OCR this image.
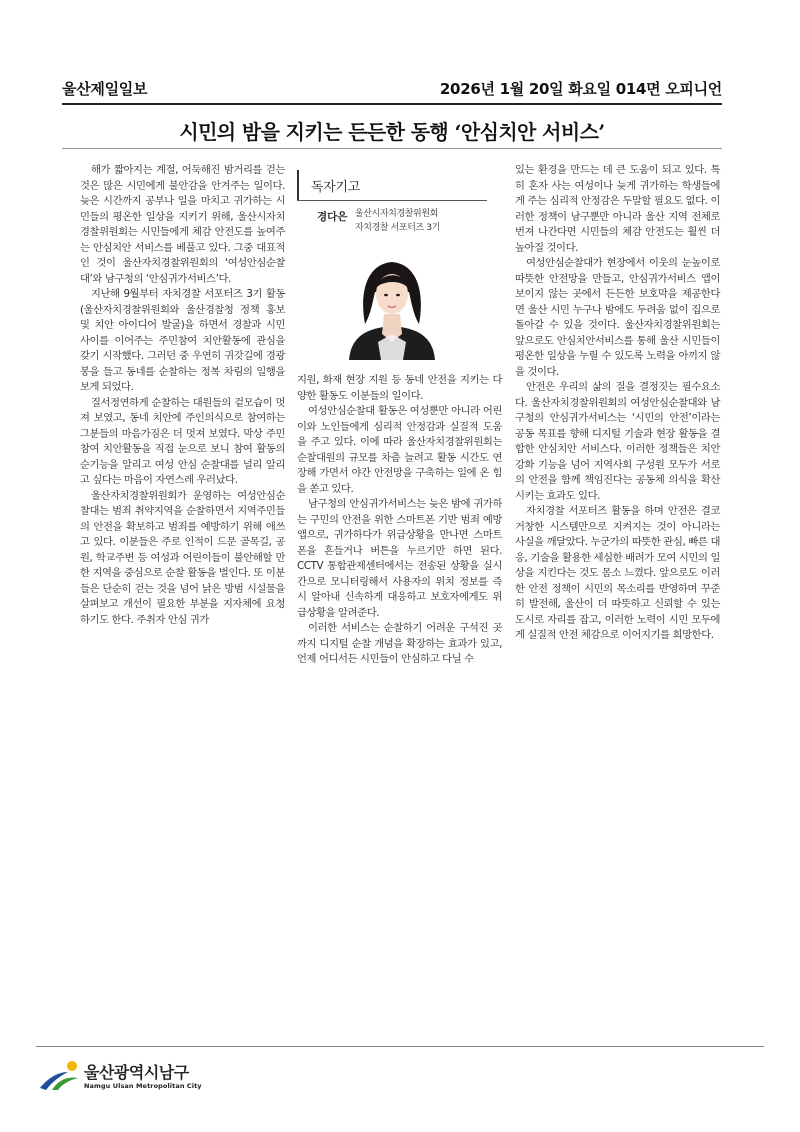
울산제일일보	2026년 1월 20일 화요일 014면 오피니언
시민의 밤을 지키는 든든한 동행 ‘안심치안 서비스’

해가 짧아지는 계절, 어둑해진 밤거리를 걷는 것은 많은 시민에게 불안감을 안겨주는 일이다. 늦은 시간까지 공부나 일을 마치고 귀가하는 시민들의 평온한 일상을 지키기 위해, 울산시자치경찰위원회는 시민들에게 체감 안전도를 높여주는 안심치안 서비스를 베풀고 있다. 그중 대표적인 것이 울산자치경찰위원회의 ‘여성안심순찰대’와 남구청의 ‘안심귀가서비스’다.

지난해 9월부터 자치경찰 서포터즈 3기 활동(울산자치경찰위원회와 울산경찰청 정책 홍보 및 치안 아이디어 발굴)을 하면서 경찰과 시민 사이를 이어주는 주민참여 치안활동에 관심을 갖기 시작했다. 그러던 중 우연히 귀갓길에 경광봉을 들고 동네를 순찰하는 정복 차림의 일행을 보게 되었다.

질서정연하게 순찰하는 대원들의 겉모습이 멋져 보였고, 동네 치안에 주인의식으로 참여하는 그분들의 마음가짐은 더 멋져 보였다. 막상 주민참여 치안활동을 직접 눈으로 보니 참여 활동의 순기능을 알리고 여성 안심 순찰대를 널리 알리고 싶다는 마음이 자연스레 우러났다.

울산자치경찰위원회가 운영하는 여성안심순찰대는 범죄 취약지역을 순찰하면서 지역주민들의 안전을 확보하고 범죄를 예방하기 위해 애쓰고 있다. 이분들은 주로 인적이 드문 골목길, 공원, 학교주변 등 여성과 어린이들이 불안해할 만한 지역을 중심으로 순찰 활동을 벌인다. 또 이분들은 단순히 걷는 것을 넘어 낡은 방범 시설물을 살펴보고 개선이 필요한 부분을 지자체에 요청하기도 한다. 주취자 안심 귀가

독자기고
경다은 울산시자치경찰위원회
자치경찰 서포터즈 3기

지원, 화재 현장 지원 등 동네 안전을 지키는 다양한 활동도 이분들의 일이다.

여성안심순찰대 활동은 여성뿐만 아니라 어린이와 노인들에게 심리적 안정감과 실질적 도움을 주고 있다. 이에 따라 울산자치경찰위원회는 순찰대원의 규모를 차츰 늘려고 활동 시간도 연장해 가면서 야간 안전망을 구축하는 일에 온 힘을 쏟고 있다.

남구청의 안심귀가서비스는 늦은 밤에 귀가하는 구민의 안전을 위한 스마트폰 기반 범죄 예방 앱으로, 귀가하다가 위급상황을 만나면 스마트폰을 흔들거나 버튼을 누르기만 하면 된다. CCTV 통합관제센터에서는 전송된 상황을 실시간으로 모니터링해서 사용자의 위치 정보를 즉시 알아내 신속하게 대응하고 보호자에게도 위급상황을 알려준다.

이러한 서비스는 순찰하기 어려운 구석진 곳까지 디지털 순찰 개념을 확장하는 효과가 있고, 언제 어디서든 시민들이 안심하고 다닐 수

있는 환경을 만드는 데 큰 도움이 되고 있다. 특히 혼자 사는 여성이나 늦게 귀가하는 학생들에게 주는 심리적 안정감은 두말할 필요도 없다. 이러한 정책이 남구뿐만 아니라 울산 지역 전체로 번져 나간다면 시민들의 체감 안전도는 훨씬 더 높아질 것이다.

여성안심순찰대가 현장에서 이웃의 눈높이로 따뜻한 안전망을 만들고, 안심귀가서비스 앱이 보이지 않는 곳에서 든든한 보호막을 제공한다면 울산 시민 누구나 밤에도 두려움 없이 집으로 돌아갈 수 있을 것이다. 울산자치경찰위원회는 앞으로도 안심치안서비스를 통해 울산 시민들이 평온한 일상을 누릴 수 있도록 노력을 아끼지 않을 것이다.

안전은 우리의 삶의 질을 결정짓는 필수요소다. 울산자치경찰위원회의 여성안심순찰대와 남구청의 안심귀가서비스는 ‘시민의 안전’이라는 공동 목표를 향해 디지털 기술과 현장 활동을 결합한 안심치안 서비스다. 이러한 정책들은 치안 강화 기능을 넘어 지역사회 구성원 모두가 서로의 안전을 함께 책임진다는 공동체 의식을 확산시키는 효과도 있다.

자치경찰 서포터즈 활동을 하며 안전은 결코 거창한 시스템만으로 지켜지는 것이 아니라는 사실을 깨달았다. 누군가의 따뜻한 관심, 빠른 대응, 기술을 활용한 세심한 배려가 모여 시민의 일상을 지킨다는 것도 몸소 느꼈다. 앞으로도 이러한 안전 정책이 시민의 목소리를 반영하며 꾸준히 발전해, 울산이 더 따뜻하고 신뢰할 수 있는 도시로 자리를 잡고, 이러한 노력이 시민 모두에게 실질적 안전 체감으로 이어지기를 희망한다.

울산광역시남구
Namgu Ulsan Metropolitan City
